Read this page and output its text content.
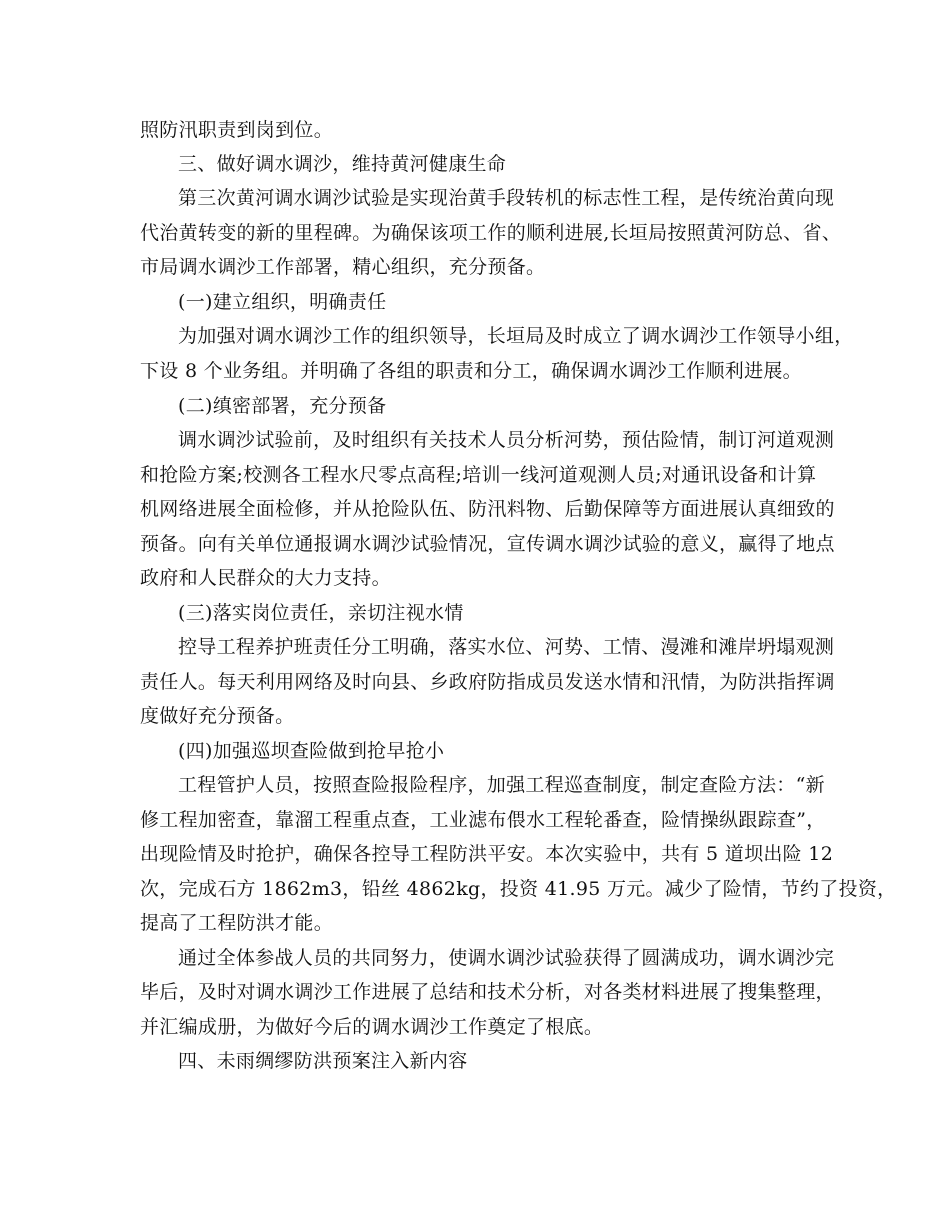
照防汛职责到岗到位。
三、做好调水调沙，维持黄河健康生命
第三次黄河调水调沙试验是实现治黄手段转机的标志性工程，是传统治黄向现
代治黄转变的新的里程碑。为确保该项工作的顺利进展,长垣局按照黄河防总、省、
市局调水调沙工作部署，精心组织，充分预备。
(一)建立组织，明确责任
为加强对调水调沙工作的组织领导，长垣局及时成立了调水调沙工作领导小组，
下设 8 个业务组。并明确了各组的职责和分工，确保调水调沙工作顺利进展。
(二)缜密部署，充分预备
调水调沙试验前，及时组织有关技术人员分析河势，预估险情，制订河道观测
和抢险方案;校测各工程水尺零点高程;培训一线河道观测人员;对通讯设备和计算
机网络进展全面检修，并从抢险队伍、防汛料物、后勤保障等方面进展认真细致的
预备。向有关单位通报调水调沙试验情况，宣传调水调沙试验的意义，赢得了地点
政府和人民群众的大力支持。
(三)落实岗位责任，亲切注视水情
控导工程养护班责任分工明确，落实水位、河势、工情、漫滩和滩岸坍塌观测
责任人。每天利用网络及时向县、乡政府防指成员发送水情和汛情，为防洪指挥调
度做好充分预备。
(四)加强巡坝查险做到抢早抢小
工程管护人员，按照查险报险程序，加强工程巡查制度，制定查险方法：“新
修工程加密查，靠溜工程重点查，工业滤布偎水工程轮番查，险情操纵跟踪查”，
出现险情及时抢护，确保各控导工程防洪平安。本次实验中，共有 5 道坝出险 12
次，完成石方 1862m3，铅丝 4862kg，投资 41.95 万元。减少了险情，节约了投资，
提高了工程防洪才能。
通过全体参战人员的共同努力，使调水调沙试验获得了圆满成功，调水调沙完
毕后，及时对调水调沙工作进展了总结和技术分析，对各类材料进展了搜集整理，
并汇编成册，为做好今后的调水调沙工作奠定了根底。
四、未雨绸缪防洪预案注入新内容
